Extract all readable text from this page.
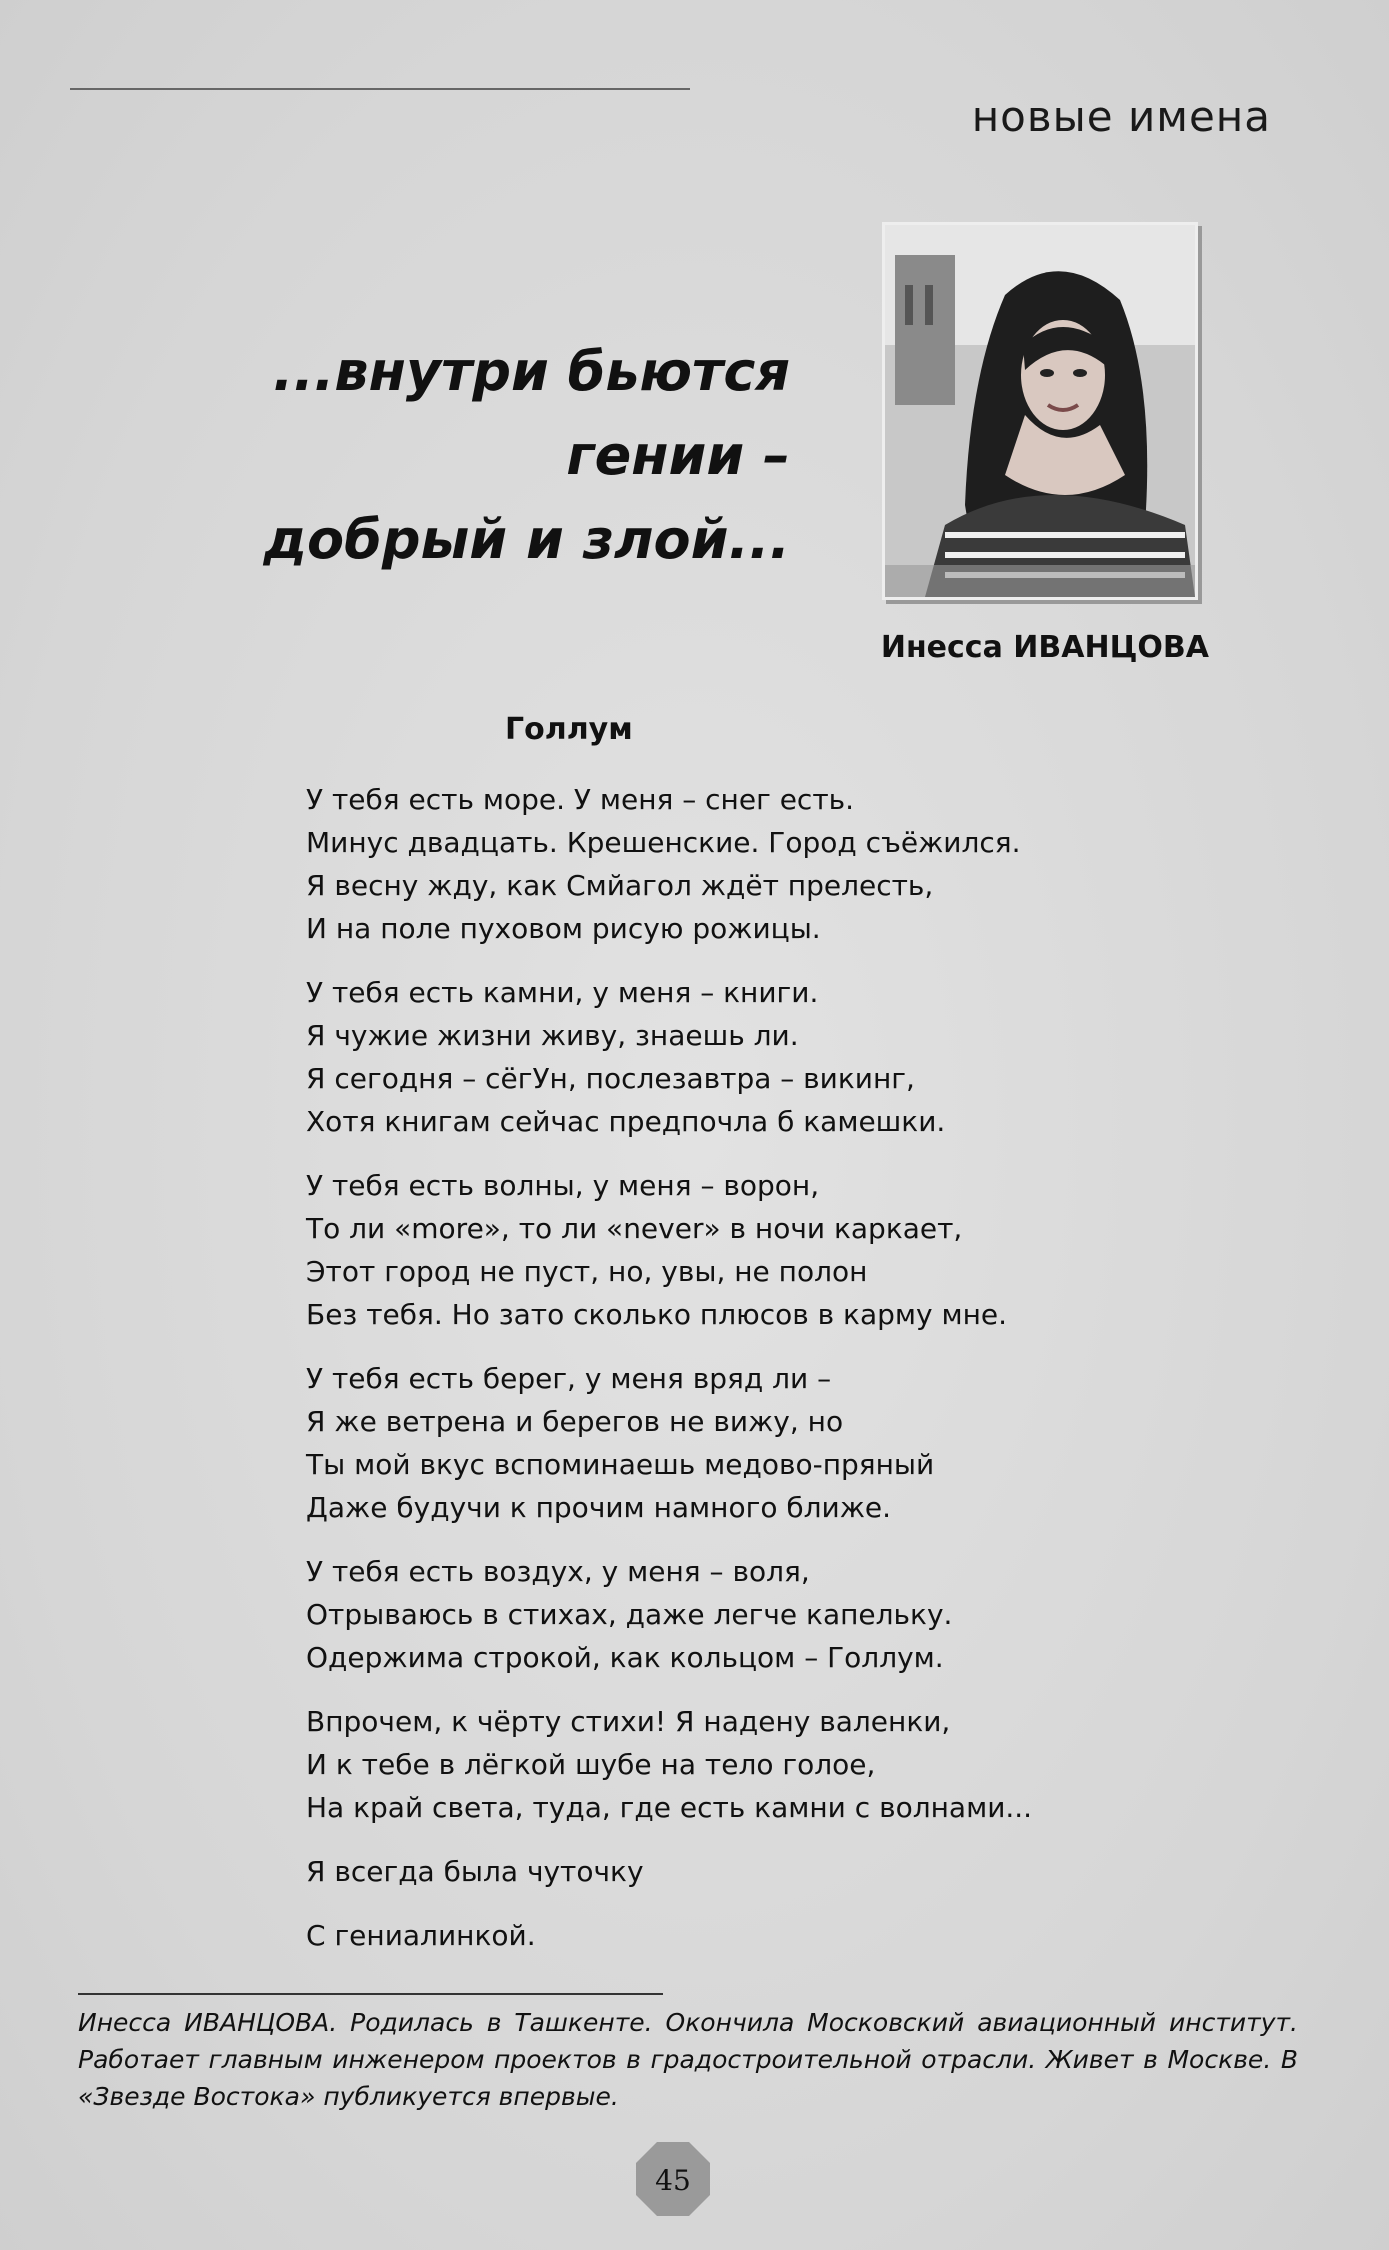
новые имена
...внутри бьются
гении –
добрый и злой...
Инесса ИВАНЦОВА
Голлум
У тебя есть море. У меня – снег есть.
Минус двадцать. Крешенские. Город съёжился.
Я весну жду, как Смйагол ждёт прелесть,
И на поле пуховом рисую рожицы.
У тебя есть камни, у меня – книги.
Я чужие жизни живу, знаешь ли.
Я сегодня – сёгУн, послезавтра – викинг,
Хотя книгам сейчас предпочла б камешки.
У тебя есть волны, у меня – ворон,
То ли «more», то ли «never» в ночи каркает,
Этот город не пуст, но, увы, не полон
Без тебя. Но зато сколько плюсов в карму мне.
У тебя есть берег, у меня вряд ли –
Я же ветрена и берегов не вижу, но
Ты мой вкус вспоминаешь медово-пряный
Даже будучи к прочим намного ближе.
У тебя есть воздух, у меня – воля,
Отрываюсь в стихах, даже легче капельку.
Одержима строкой, как кольцом – Голлум.
Впрочем, к чёрту стихи! Я надену валенки,
И к тебе в лёгкой шубе на тело голое,
На край света, туда, где есть камни с волнами...
Я всегда была чуточку
С гениалинкой.
Инесса ИВАНЦОВА. Родилась в Ташкенте. Окончила Московский авиационный институт. Работает главным инженером проектов в градостроительной отрасли. Живет в Москве. В «Звезде Востока» публикуется впервые.
45
